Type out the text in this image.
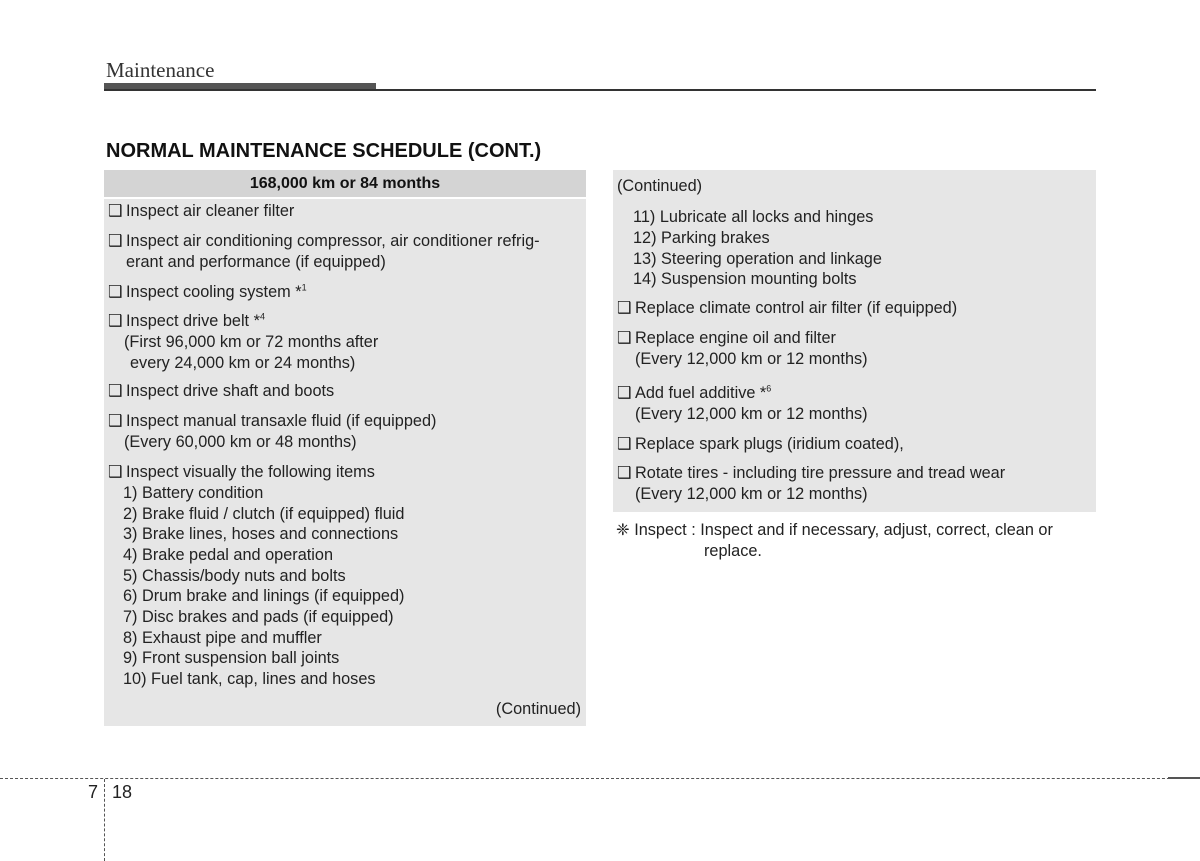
Maintenance
NORMAL MAINTENANCE SCHEDULE (CONT.)
168,000 km or 84 months
❑ Inspect air cleaner filter
❑ Inspect air conditioning compressor, air conditioner refrig-
erant and performance (if equipped)
❑ Inspect cooling system *$^1$
❑ Inspect drive belt *$^4$
(First 96,000 km or 72 months after
every 24,000 km or 24 months)
❑ Inspect drive shaft and boots
❑ Inspect manual transaxle fluid (if equipped)
(Every 60,000 km or 48 months)
❑ Inspect visually the following items
1) Battery condition
2) Brake fluid / clutch (if equipped) fluid
3) Brake lines, hoses and connections
4) Brake pedal and operation
5) Chassis/body nuts and bolts
6) Drum brake and linings (if equipped)
7) Disc brakes and pads (if equipped)
8) Exhaust pipe and muffler
9) Front suspension ball joints
10) Fuel tank, cap, lines and hoses
(Continued)
(Continued)
11) Lubricate all locks and hinges
12) Parking brakes
13) Steering operation and linkage
14) Suspension mounting bolts
❑ Replace climate control air filter (if equipped)
❑ Replace engine oil and filter
(Every 12,000 km or 12 months)
❑ Add fuel additive *$^6$
(Every 12,000 km or 12 months)
❑ Replace spark plugs (iridium coated),
❑ Rotate tires - including tire pressure and tread wear
(Every 12,000 km or 12 months)
❈ Inspect : Inspect and if necessary, adjust, correct, clean or
replace.
7 18
